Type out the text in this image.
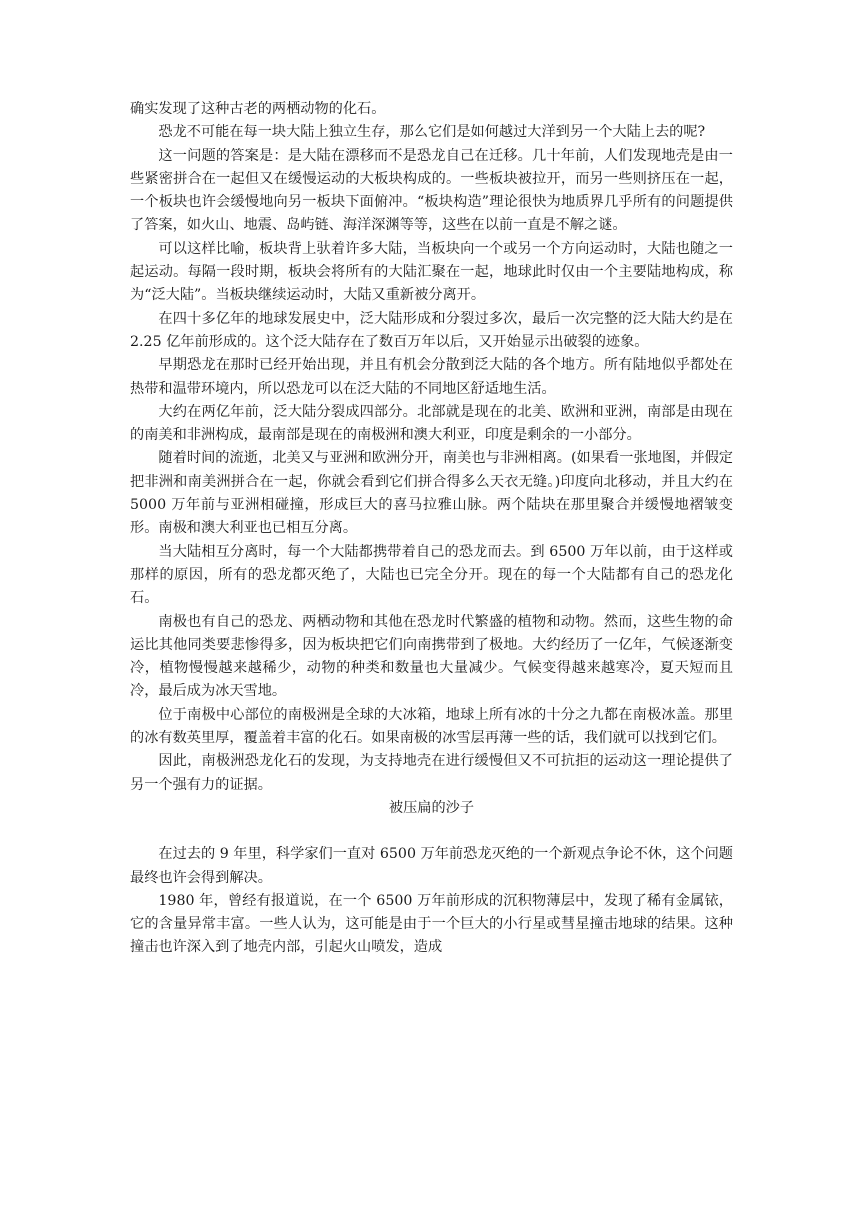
确实发现了这种古老的两栖动物的化石。

恐龙不可能在每一块大陆上独立生存，那么它们是如何越过大洋到另一个大陆上去的呢?

这一问题的答案是：是大陆在漂移而不是恐龙自己在迁移。几十年前，人们发现地壳是由一些紧密拼合在一起但又在缓慢运动的大板块构成的。一些板块被拉开，而另一些则挤压在一起，一个板块也许会缓慢地向另一板块下面俯冲。“板块构造”理论很快为地质界几乎所有的问题提供了答案，如火山、地震、岛屿链、海洋深渊等等，这些在以前一直是不解之谜。

可以这样比喻，板块背上驮着许多大陆，当板块向一个或另一个方向运动时，大陆也随之一起运动。每隔一段时期，板块会将所有的大陆汇聚在一起，地球此时仅由一个主要陆地构成，称为“泛大陆”。当板块继续运动时，大陆又重新被分离开。

在四十多亿年的地球发展史中，泛大陆形成和分裂过多次，最后一次完整的泛大陆大约是在 2.25 亿年前形成的。这个泛大陆存在了数百万年以后，又开始显示出破裂的迹象。

早期恐龙在那时已经开始出现，并且有机会分散到泛大陆的各个地方。所有陆地似乎都处在热带和温带环境内，所以恐龙可以在泛大陆的不同地区舒适地生活。

大约在两亿年前，泛大陆分裂成四部分。北部就是现在的北美、欧洲和亚洲，南部是由现在的南美和非洲构成，最南部是现在的南极洲和澳大利亚，印度是剩余的一小部分。

随着时间的流逝，北美又与亚洲和欧洲分开，南美也与非洲相离。(如果看一张地图，并假定把非洲和南美洲拼合在一起，你就会看到它们拼合得多么天衣无缝。)印度向北移动，并且大约在 5000 万年前与亚洲相碰撞，形成巨大的喜马拉雅山脉。两个陆块在那里聚合并缓慢地褶皱变形。南极和澳大利亚也已相互分离。

当大陆相互分离时，每一个大陆都携带着自己的恐龙而去。到 6500 万年以前，由于这样或那样的原因，所有的恐龙都灭绝了，大陆也已完全分开。现在的每一个大陆都有自己的恐龙化石。

南极也有自己的恐龙、两栖动物和其他在恐龙时代繁盛的植物和动物。然而，这些生物的命运比其他同类要悲惨得多，因为板块把它们向南携带到了极地。大约经历了一亿年，气候逐渐变冷，植物慢慢越来越稀少，动物的种类和数量也大量减少。气候变得越来越寒冷，夏天短而且冷，最后成为冰天雪地。

位于南极中心部位的南极洲是全球的大冰箱，地球上所有冰的十分之九都在南极冰盖。那里的冰有数英里厚，覆盖着丰富的化石。如果南极的冰雪层再薄一些的话，我们就可以找到它们。

因此，南极洲恐龙化石的发现，为支持地壳在进行缓慢但又不可抗拒的运动这一理论提供了另一个强有力的证据。

被压扁的沙子

在过去的 9 年里，科学家们一直对 6500 万年前恐龙灭绝的一个新观点争论不休，这个问题最终也许会得到解决。

1980 年，曾经有报道说，在一个 6500 万年前形成的沉积物薄层中，发现了稀有金属铱，它的含量异常丰富。一些人认为，这可能是由于一个巨大的小行星或彗星撞击地球的结果。这种撞击也许深入到了地壳内部，引起火山喷发，造成
